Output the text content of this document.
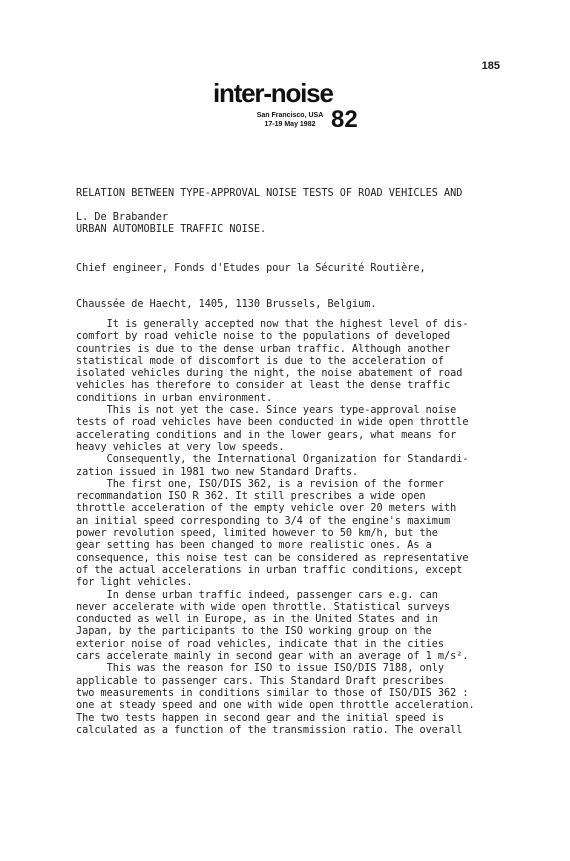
185
inter-noise
San Francisco, USA
17-19 May 1982 82

RELATION BETWEEN TYPE-APPROVAL NOISE TESTS OF ROAD VEHICLES AND

URBAN AUTOMOBILE TRAFFIC NOISE.

L. De Brabander

Chief engineer, Fonds d'Etudes pour la Sécurité Routière,

Chaussée de Haecht, 1405, 1130 Brussels, Belgium.

It is generally accepted now that the highest level of dis-
comfort by road vehicle noise to the populations of developed
countries is due to the dense urban traffic. Although another
statistical mode of discomfort is due to the acceleration of
isolated vehicles during the night, the noise abatement of road
vehicles has therefore to consider at least the dense traffic
conditions in urban environment.
This is not yet the case. Since years type-approval noise
tests of road vehicles have been conducted in wide open throttle
accelerating conditions and in the lower gears, what means for
heavy vehicles at very low speeds.
Consequently, the International Organization for Standardi-
zation issued in 1981 two new Standard Drafts.
The first one, ISO/DIS 362, is a revision of the former
recommandation ISO R 362. It still prescribes a wide open
throttle acceleration of the empty vehicle over 20 meters with
an initial speed corresponding to 3/4 of the engine's maximum
power revolution speed, limited however to 50 km/h, but the
gear setting has been changed to more realistic ones. As a
consequence, this noise test can be considered as representative
of the actual accelerations in urban traffic conditions, except
for light vehicles.
In dense urban traffic indeed, passenger cars e.g. can
never accelerate with wide open throttle. Statistical surveys
conducted as well in Europe, as in the United States and in
Japan, by the participants to the ISO working group on the
exterior noise of road vehicles, indicate that in the cities
cars accelerate mainly in second gear with an average of 1 m/s².
This was the reason for ISO to issue ISO/DIS 7188, only
applicable to passenger cars. This Standard Draft prescribes
two measurements in conditions similar to those of ISO/DIS 362 :
one at steady speed and one with wide open throttle acceleration.
The two tests happen in second gear and the initial speed is
calculated as a function of the transmission ratio. The overall
